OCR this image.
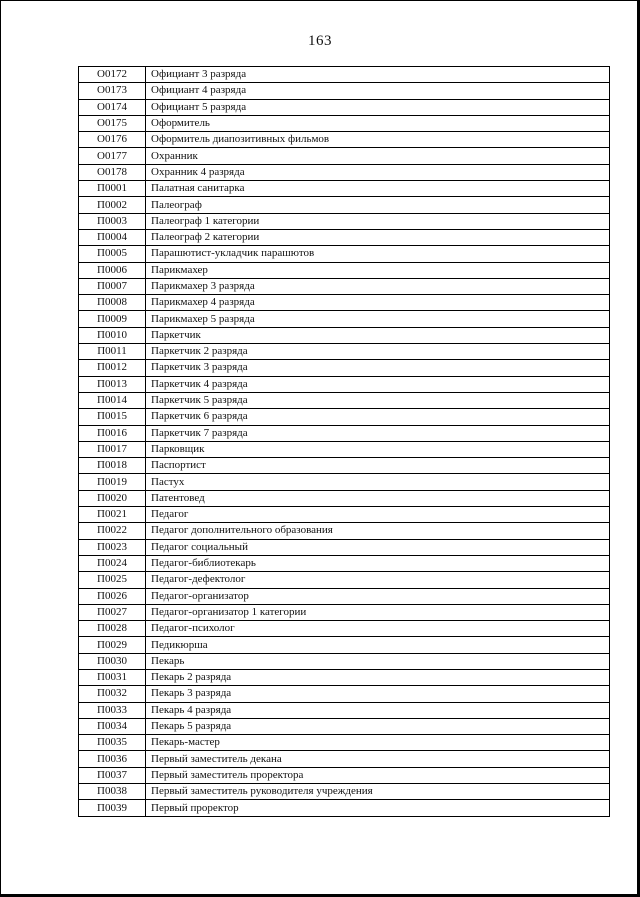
163
О0172	Официант 3 разряда
О0173	Официант 4 разряда
О0174	Официант 5 разряда
О0175	Оформитель
О0176	Оформитель диапозитивных фильмов
О0177	Охранник
О0178	Охранник 4 разряда
П0001	Палатная санитарка
П0002	Палеограф
П0003	Палеограф 1 категории
П0004	Палеограф 2 категории
П0005	Парашютист-укладчик парашютов
П0006	Парикмахер
П0007	Парикмахер 3 разряда
П0008	Парикмахер 4 разряда
П0009	Парикмахер 5 разряда
П0010	Паркетчик
П0011	Паркетчик 2 разряда
П0012	Паркетчик 3 разряда
П0013	Паркетчик 4 разряда
П0014	Паркетчик 5 разряда
П0015	Паркетчик 6 разряда
П0016	Паркетчик 7 разряда
П0017	Парковщик
П0018	Паспортист
П0019	Пастух
П0020	Патентовед
П0021	Педагог
П0022	Педагог дополнительного образования
П0023	Педагог социальный
П0024	Педагог-библиотекарь
П0025	Педагог-дефектолог
П0026	Педагог-организатор
П0027	Педагог-организатор 1 категории
П0028	Педагог-психолог
П0029	Педикюрша
П0030	Пекарь
П0031	Пекарь 2 разряда
П0032	Пекарь 3 разряда
П0033	Пекарь 4 разряда
П0034	Пекарь 5 разряда
П0035	Пекарь-мастер
П0036	Первый заместитель декана
П0037	Первый заместитель проректора
П0038	Первый заместитель руководителя учреждения
П0039	Первый проректор
